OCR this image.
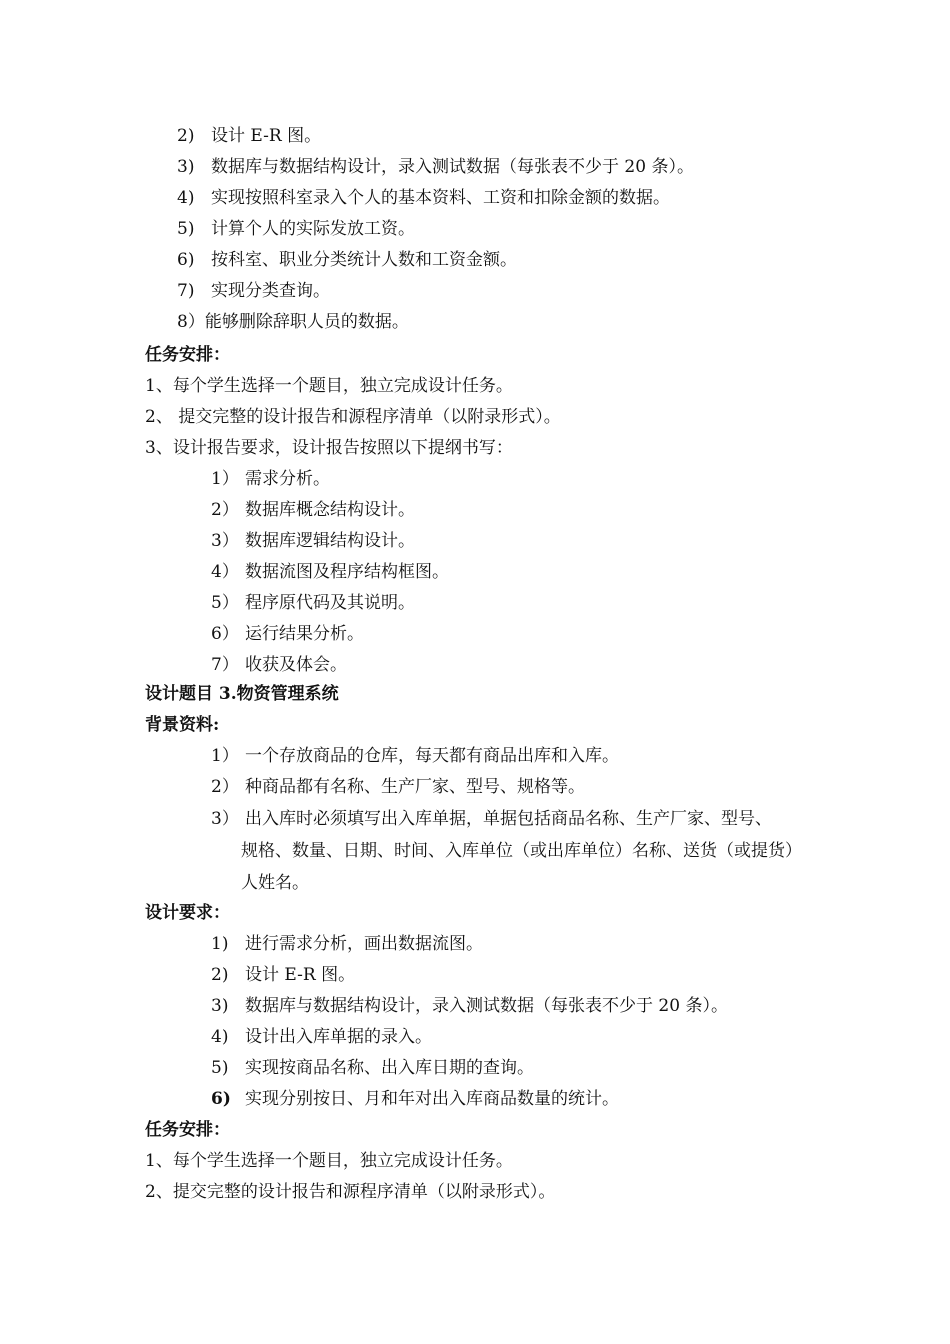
2) 设计 E-R 图。
3) 数据库与数据结构设计，录入测试数据（每张表不少于 20 条）。
4) 实现按照科室录入个人的基本资料、工资和扣除金额的数据。
5) 计算个人的实际发放工资。
6) 按科室、职业分类统计人数和工资金额。
7) 实现分类查询。
8）能够删除辞职人员的数据。
任务安排：
1、每个学生选择一个题目，独立完成设计任务。
2、 提交完整的设计报告和源程序清单（以附录形式）。
3、设计报告要求，设计报告按照以下提纲书写：
1） 需求分析。
2） 数据库概念结构设计。
3） 数据库逻辑结构设计。
4） 数据流图及程序结构框图。
5） 程序原代码及其说明。
6） 运行结果分析。
7） 收获及体会。
设计题目 3.物资管理系统
背景资料:
1） 一个存放商品的仓库，每天都有商品出库和入库。
2） 种商品都有名称、生产厂家、型号、规格等。
3） 出入库时必须填写出入库单据，单据包括商品名称、生产厂家、型号、
规格、数量、日期、时间、入库单位（或出库单位）名称、送货（或提货）
人姓名。
设计要求：
1) 进行需求分析，画出数据流图。
2) 设计 E-R 图。
3) 数据库与数据结构设计，录入测试数据（每张表不少于 20 条）。
4) 设计出入库单据的录入。
5) 实现按商品名称、出入库日期的查询。
6) 实现分别按日、月和年对出入库商品数量的统计。
任务安排：
1、每个学生选择一个题目，独立完成设计任务。
2、提交完整的设计报告和源程序清单（以附录形式）。
